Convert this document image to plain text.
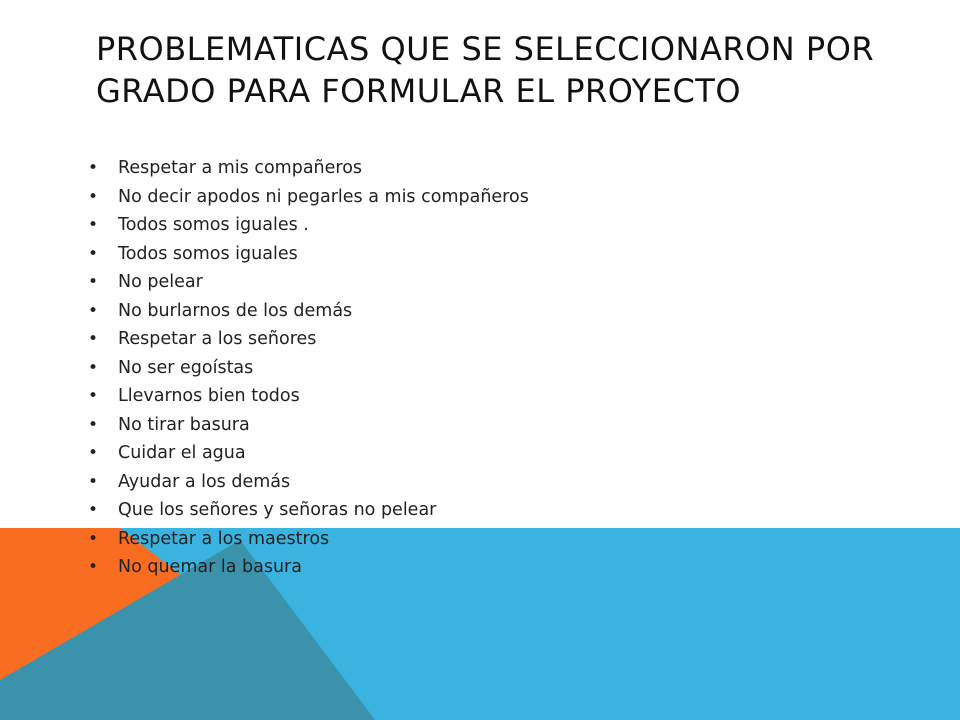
PROBLEMATICAS QUE SE SELECCIONARON POR GRADO PARA FORMULAR EL PROYECTO
• Respetar a mis compañeros
• No decir apodos ni pegarles a mis compañeros
• Todos somos iguales .
• Todos somos iguales
• No pelear
• No burlarnos de los demás
• Respetar a los señores
• No ser egoístas
• Llevarnos bien todos
• No tirar basura
• Cuidar el agua
• Ayudar a los demás
• Que los señores y señoras no pelear
• Respetar a los maestros
• No quemar la basura
